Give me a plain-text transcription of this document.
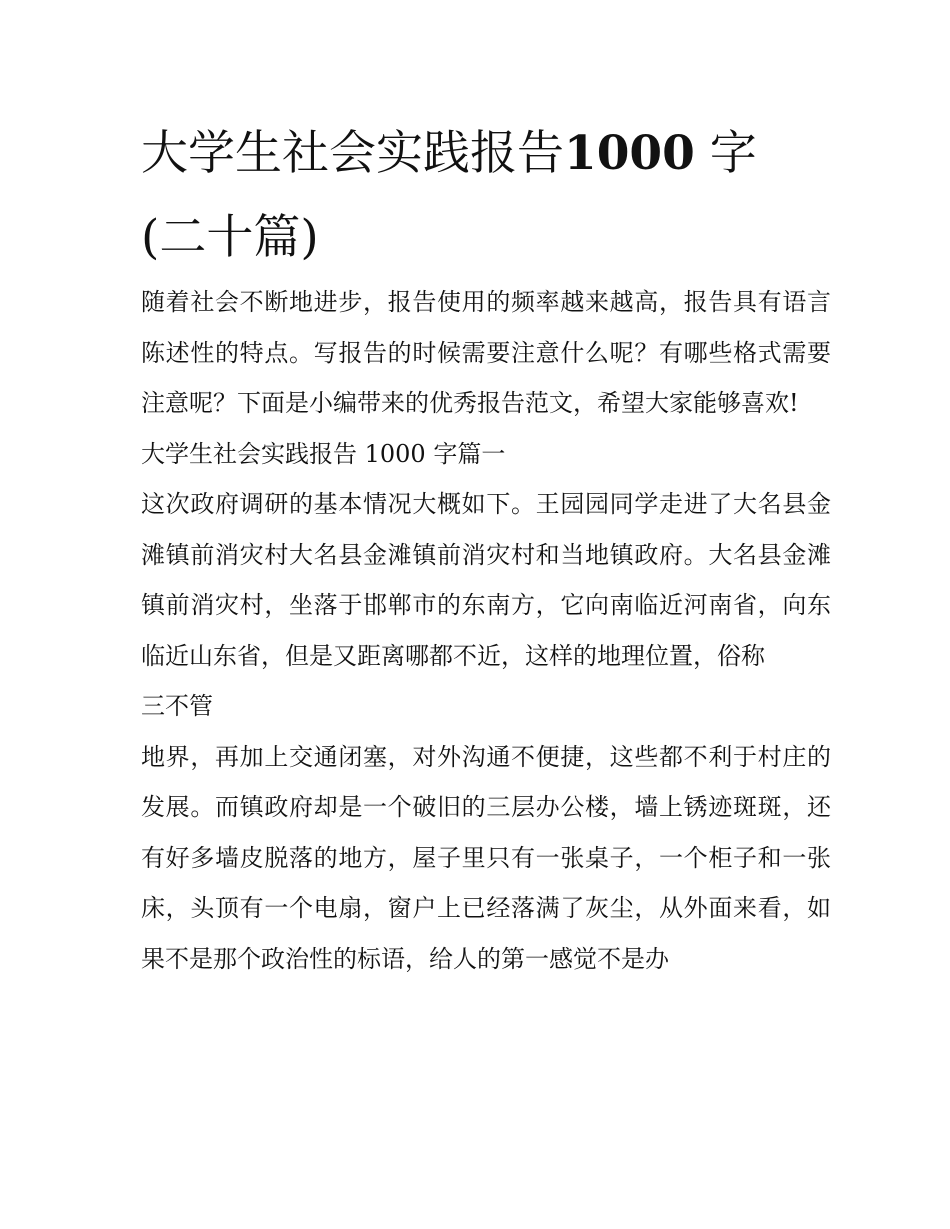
大学生社会实践报告1000 字
(二十篇)

随着社会不断地进步，报告使用的频率越来越高，报告具有语言陈述性的特点。写报告的时候需要注意什么呢？有哪些格式需要注意呢？下面是小编带来的优秀报告范文，希望大家能够喜欢!

大学生社会实践报告 1000 字篇一

这次政府调研的基本情况大概如下。王园园同学走进了大名县金滩镇前消灾村大名县金滩镇前消灾村和当地镇政府。大名县金滩镇前消灾村，坐落于邯郸市的东南方，它向南临近河南省，向东临近山东省，但是又距离哪都不近，这样的地理位置，俗称

三不管

地界，再加上交通闭塞，对外沟通不便捷，这些都不利于村庄的发展。而镇政府却是一个破旧的三层办公楼，墙上锈迹斑斑，还有好多墙皮脱落的地方，屋子里只有一张桌子，一个柜子和一张床，头顶有一个电扇，窗户上已经落满了灰尘，从外面来看，如果不是那个政治性的标语，给人的第一感觉不是办
